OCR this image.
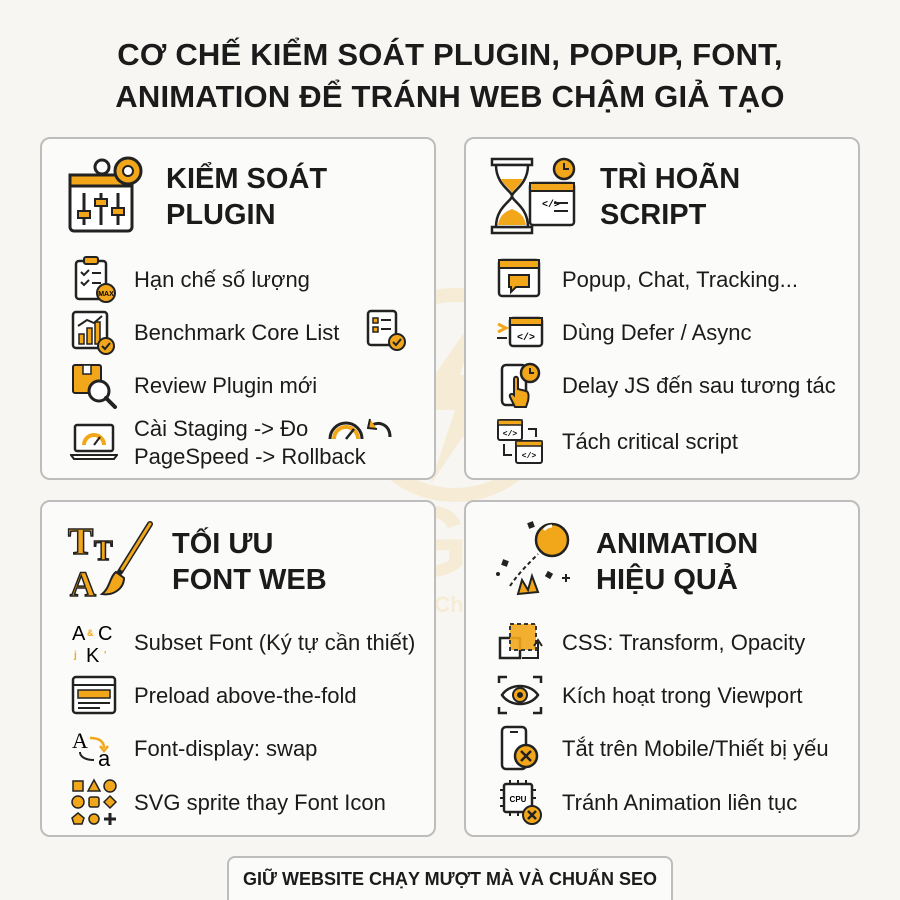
CƠ CHẾ KIỂM SOÁT PLUGIN, POPUP, FONT,
ANIMATION ĐỂ TRÁNH WEB CHẬM GIẢ TẠO
LIGHT
Nhanh - Chuẩn - Đẹp
KIỂM SOÁT
PLUGIN
MAX
Hạn chế số lượng
Benchmark Core List
Review Plugin mới
Cài Staging -> Đo
PageSpeed -> Rollback
</>
TRÌ HOÃN
SCRIPT
Popup, Chat, Tracking...
</> Dùng Defer / Async
Delay JS đến sau tương tác
</>
</>
Tách critical script
T T
A
TỐI ƯU
FONT WEB
A C
&
K
j	'
Subset Font (Ký tự cần thiết)
Preload above-the-fold
A
a Font-display: swap
SVG sprite thay Font Icon
ANIMATION
HIỆU QUẢ
CSS: Transform, Opacity
Kích hoạt trong Viewport
Tắt trên Mobile/Thiết bị yếu
CPU Tránh Animation liên tục
GIỮ WEBSITE CHẠY MƯỢT MÀ VÀ CHUẨN SEO
